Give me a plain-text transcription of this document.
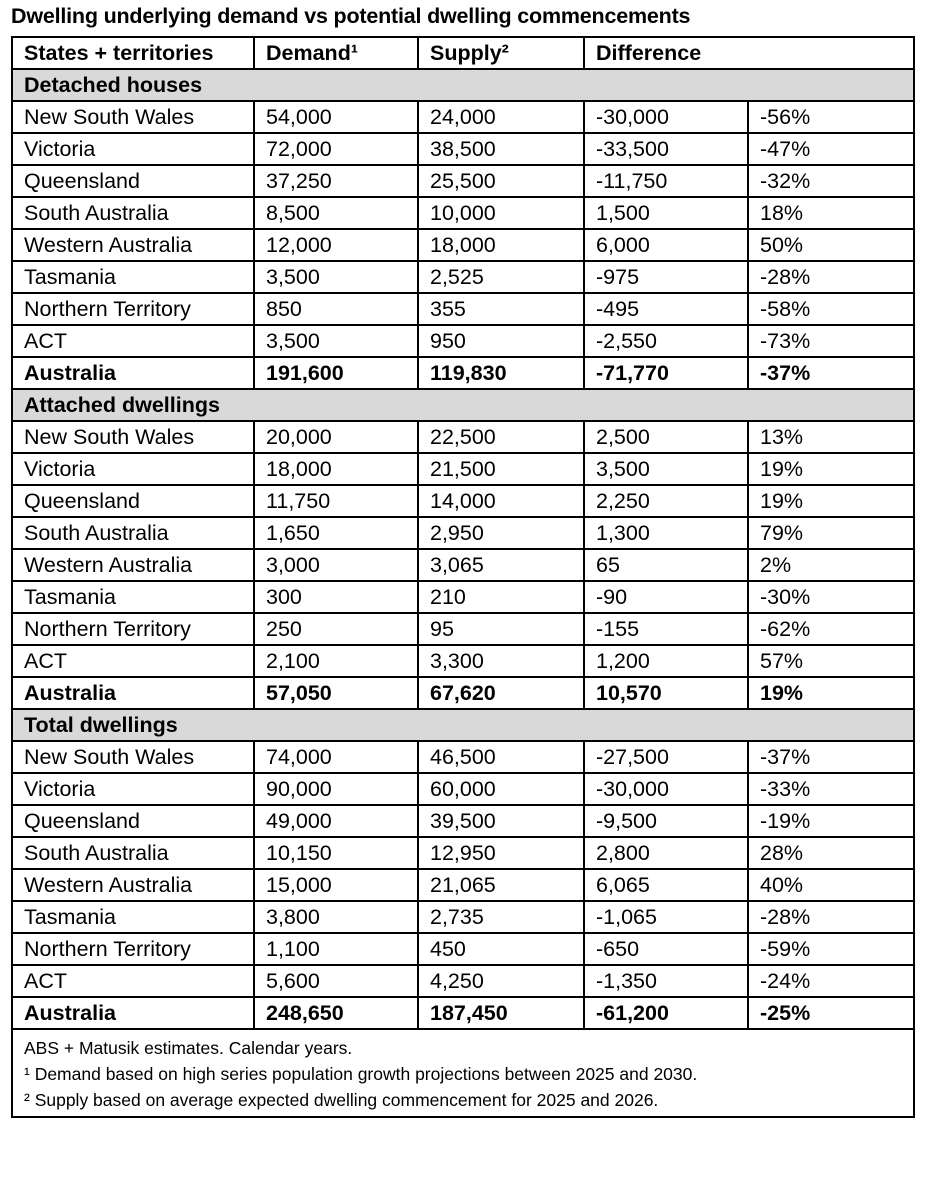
Dwelling underlying demand vs potential dwelling commencements
States + territories	Demand¹	Supply²	Difference	
Detached houses				
New South Wales	54,000	24,000	-30,000	-56%
Victoria	72,000	38,500	-33,500	-47%
Queensland	37,250	25,500	-11,750	-32%
South Australia	8,500	10,000	1,500	18%
Western Australia	12,000	18,000	6,000	50%
Tasmania	3,500	2,525	-975	-28%
Northern Territory	850	355	-495	-58%
ACT	3,500	950	-2,550	-73%
Australia	191,600	119,830	-71,770	-37%
Attached dwellings				
New South Wales	20,000	22,500	2,500	13%
Victoria	18,000	21,500	3,500	19%
Queensland	11,750	14,000	2,250	19%
South Australia	1,650	2,950	1,300	79%
Western Australia	3,000	3,065	65	2%
Tasmania	300	210	-90	-30%
Northern Territory	250	95	-155	-62%
ACT	2,100	3,300	1,200	57%
Australia	57,050	67,620	10,570	19%
Total dwellings				
New South Wales	74,000	46,500	-27,500	-37%
Victoria	90,000	60,000	-30,000	-33%
Queensland	49,000	39,500	-9,500	-19%
South Australia	10,150	12,950	2,800	28%
Western Australia	15,000	21,065	6,065	40%
Tasmania	3,800	2,735	-1,065	-28%
Northern Territory	1,100	450	-650	-59%
ACT	5,600	4,250	-1,350	-24%
Australia	248,650	187,450	-61,200	-25%

ABS + Matusik estimates. Calendar years.
¹ Demand based on high series population growth projections between 2025 and 2030.
² Supply based on average expected dwelling commencement for 2025 and 2026.				
